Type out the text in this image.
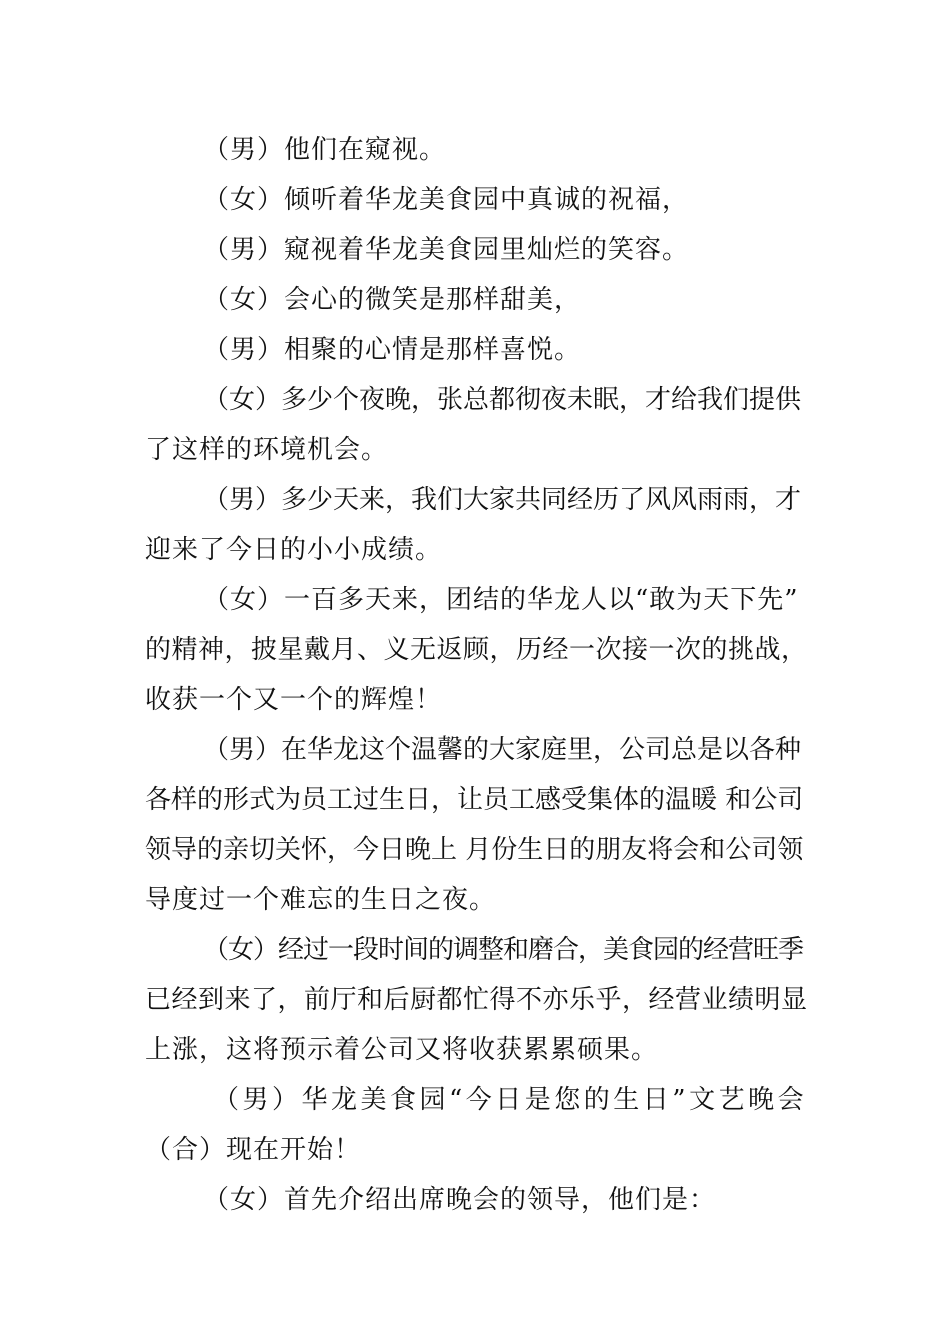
（男）他们在窥视。
（女）倾听着华龙美食园中真诚的祝福，
（男）窥视着华龙美食园里灿烂的笑容。
（女）会心的微笑是那样甜美，
（男）相聚的心情是那样喜悦。
（女）多少个夜晚，张总都彻夜未眠，才给我们提供
了这样的环境机会。
（男）多少天来，我们大家共同经历了风风雨雨，才
迎来了今日的小小成绩。
（女）一百多天来，团结的华龙人以“敢为天下先”
的精神，披星戴月、义无返顾，历经一次接一次的挑战，
收获一个又一个的辉煌！
（男）在华龙这个温馨的大家庭里，公司总是以各种
各样的形式为员工过生日，让员工感受集体的温暖 和公司
领导的亲切关怀，今日晚上 月份生日的朋友将会和公司领
导度过一个难忘的生日之夜。
（女）经过一段时间的调整和磨合，美食园的经营旺季
已经到来了，前厅和后厨都忙得不亦乐乎，经营业绩明显
上涨，这将预示着公司又将收获累累硕果。
（男）华龙美食园“今日是您的生日”文艺晚会
（合）现在开始！
（女）首先介绍出席晚会的领导，他们是：
